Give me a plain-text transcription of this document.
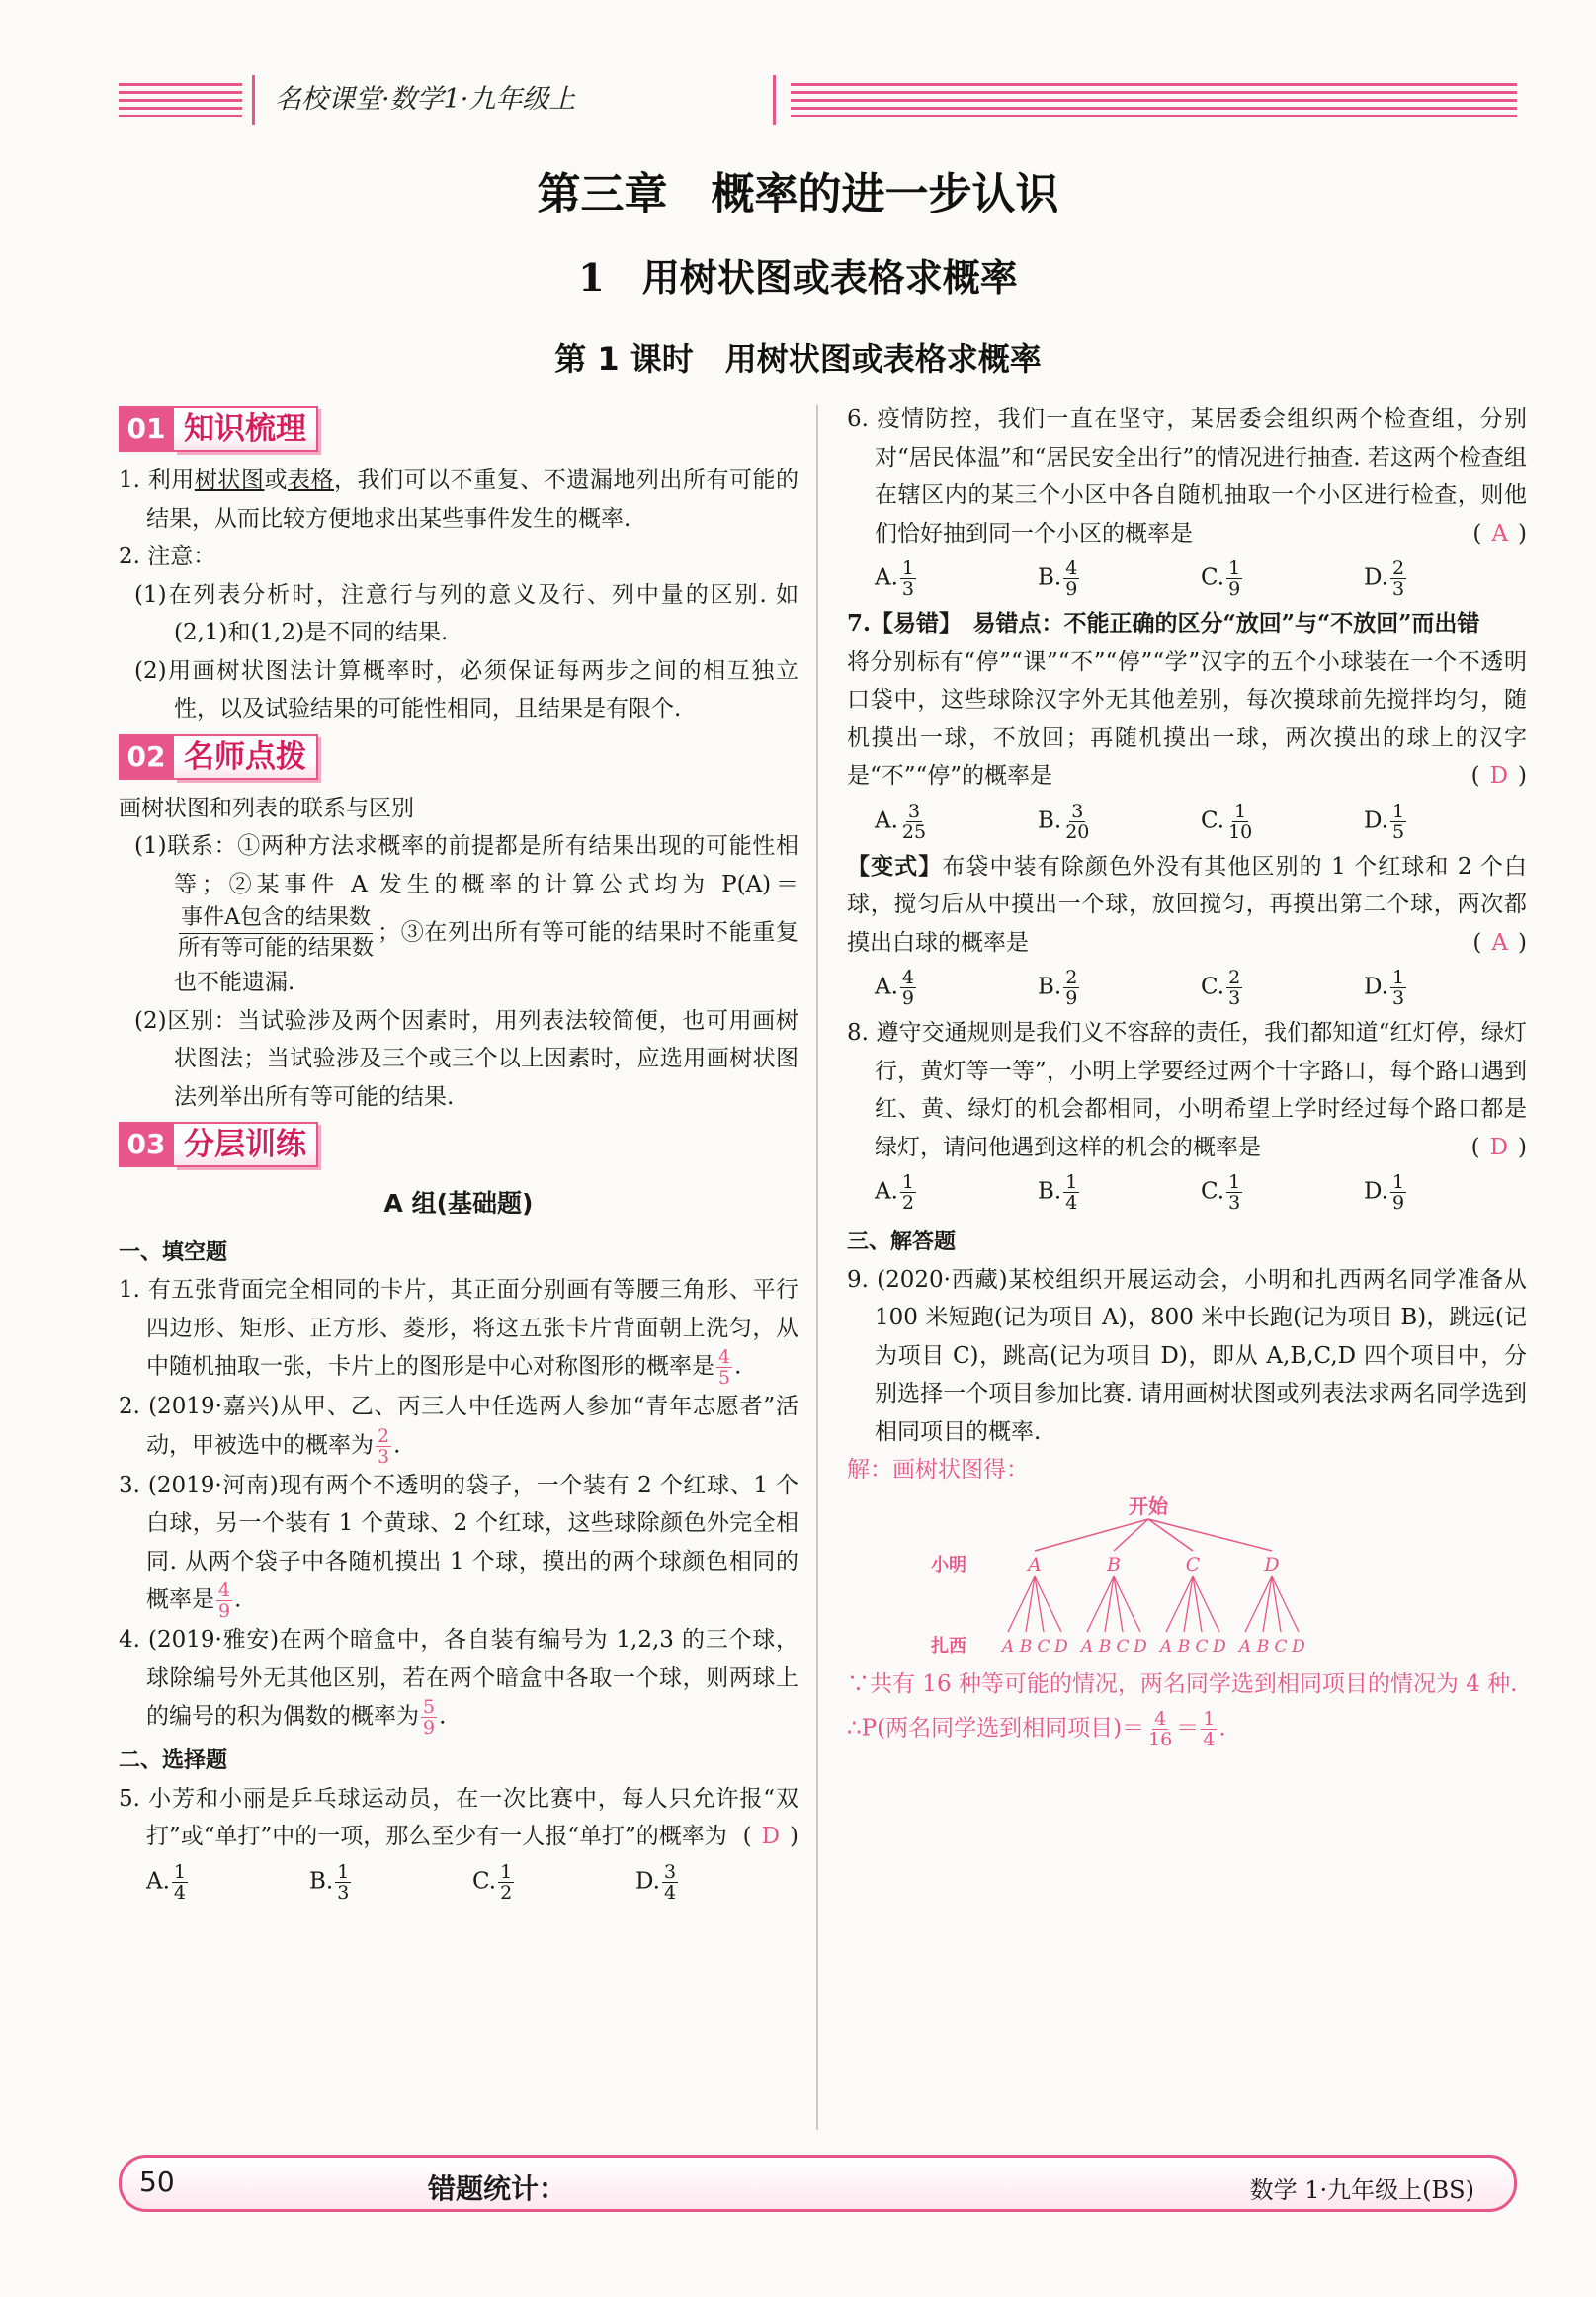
名校课堂·数学1·九年级上
第三章　概率的进一步认识
1　用树状图或表格求概率
第 1 课时　用树状图或表格求概率
01 知识梳理
1. 利用树状图或表格，我们可以不重复、不遗漏地列出所有可能的结果，从而比较方便地求出某些事件发生的概率.
2. 注意：
(1)在列表分析时，注意行与列的意义及行、列中量的区别. 如(2,1)和(1,2)是不同的结果.
(2)用画树状图法计算概率时，必须保证每两步之间的相互独立性，以及试验结果的可能性相同，且结果是有限个.
02 名师点拨
画树状图和列表的联系与区别
(1)联系：①两种方法求概率的前提都是所有结果出现的可能性相等；②某事件 A 发生的概率的计算公式均为 P(A)＝
$\frac{\text{事件A包含的结果数}}{\text{所有等可能的结果数}}$ ；③在列出所有等可能的结果时不能重复也不能遗漏.
(2)区别：当试验涉及两个因素时，用列表法较简便，也可用画树状图法；当试验涉及三个或三个以上因素时，应选用画树状图法列举出所有等可能的结果.
03 分层训练
A 组(基础题)
一、填空题
1. 有五张背面完全相同的卡片，其正面分别画有等腰三角形、平行四边形、矩形、正方形、菱形，将这五张卡片背面朝上洗匀，从中随机抽取一张，卡片上的图形是中心对称图形的概率是 $\frac{4}{5}$ .
2. (2019·嘉兴)从甲、乙、丙三人中任选两人参加“青年志愿者”活动，甲被选中的概率为 $\frac{2}{3}$ .
3. (2019·河南)现有两个不透明的袋子，一个装有 2 个红球、1 个白球，另一个装有 1 个黄球、2 个红球，这些球除颜色外完全相同. 从两个袋子中各随机摸出 1 个球，摸出的两个球颜色相同的概率是 $\frac{4}{9}$ .
4. (2019·雅安)在两个暗盒中，各自装有编号为 1,2,3 的三个球，球除编号外无其他区别，若在两个暗盒中各取一个球，则两球上的编号的积为偶数的概率为 $\frac{5}{9}$ .
二、选择题
5. 小芳和小丽是乒乓球运动员，在一次比赛中，每人只允许报“双打”或“单打”中的一项，那么至少有一人报“单打”的概率为 ( D )
A. $\frac{1}{4}$	B. $\frac{1}{3}$	C. $\frac{1}{2}$	D. $\frac{3}{4}$
6. 疫情防控，我们一直在坚守，某居委会组织两个检查组，分别对“居民体温”和“居民安全出行”的情况进行抽查. 若这两个检查组在辖区内的某三个小区中各自随机抽取一个小区进行检查，则他们恰好抽到同一个小区的概率是	( A )
A. $\frac{1}{3}$	B. $\frac{4}{9}$	C. $\frac{1}{9}$	D. $\frac{2}{3}$
7.【易错】　易错点：不能正确的区分“放回”与“不放回”而出错
将分别标有“停”“课”“不”“停”“学”汉字的五个小球装在一个不透明口袋中，这些球除汉字外无其他差别，每次摸球前先搅拌均匀，随机摸出一球，不放回；再随机摸出一球，两次摸出的球上的汉字是“不”“停”的概率是	( D )
A. $\frac{3}{25}$	B. $\frac{3}{20}$	C. $\frac{1}{10}$	D. $\frac{1}{5}$
【变式】布袋中装有除颜色外没有其他区别的 1 个红球和 2 个白球，搅匀后从中摸出一个球，放回搅匀，再摸出第二个球，两次都摸出白球的概率是	( A )
A. $\frac{4}{9}$	B. $\frac{2}{9}$	C. $\frac{2}{3}$	D. $\frac{1}{3}$
8. 遵守交通规则是我们义不容辞的责任，我们都知道“红灯停，绿灯行，黄灯等一等”，小明上学要经过两个十字路口，每个路口遇到红、黄、绿灯的机会都相同，小明希望上学时经过每个路口都是绿灯，请问他遇到这样的机会的概率是	( D )
A. $\frac{1}{2}$	B. $\frac{1}{4}$	C. $\frac{1}{3}$	D. $\frac{1}{9}$
三、解答题
9. (2020·西藏)某校组织开展运动会，小明和扎西两名同学准备从 100 米短跑(记为项目 A)，800 米中长跑(记为项目 B)，跳远(记为项目 C)，跳高(记为项目 D)，即从 A,B,C,D 四个项目中，分别选择一个项目参加比赛. 请用画树状图或列表法求两名同学选到相同项目的概率.
解：画树状图得：
开始
小明
扎西
A
A B C D
B
A B C D
C
A B C D
D
A B C D
∵共有 16 种等可能的情况，两名同学选到相同项目的情况为 4 种.
∴P(两名同学选到相同项目)＝ $\frac{4}{16} = \frac{1}{4}$ .
50	错题统计：	数学 1·九年级上(BS)
